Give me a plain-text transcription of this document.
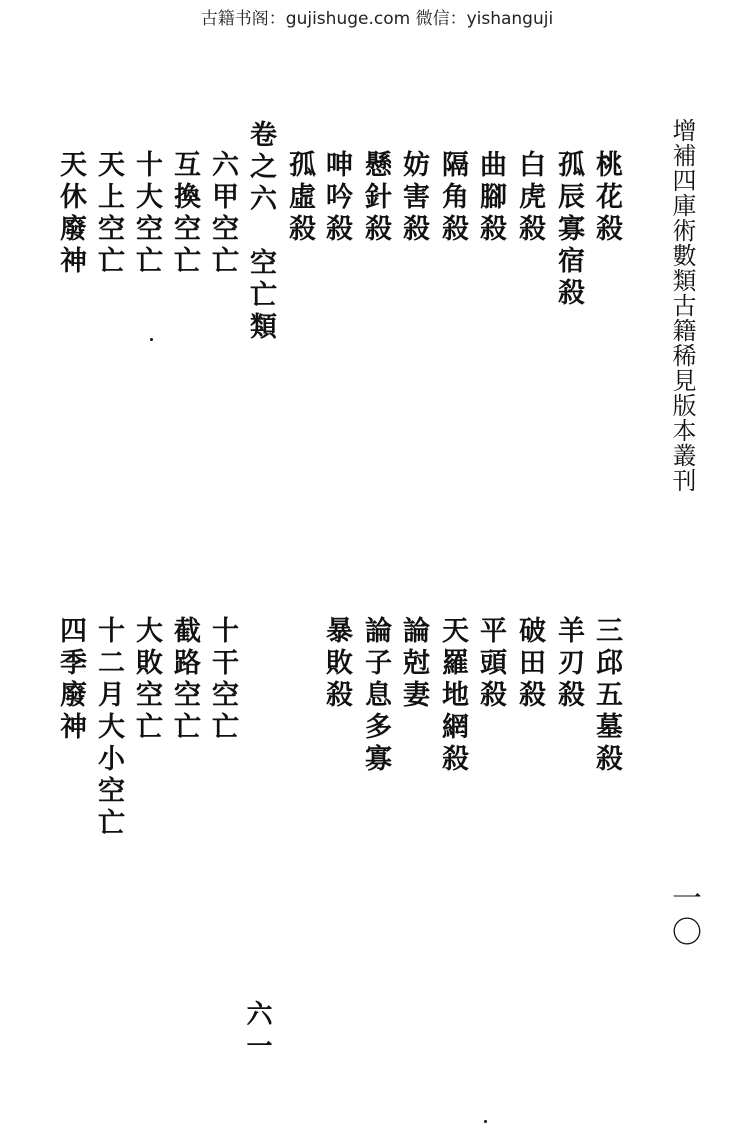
古籍书阁：gujishuge.com 微信：yishanguji
增補四庫術數類古籍稀見版本叢刊
一〇
桃花殺
孤辰寡宿殺
白虎殺
曲腳殺
隔角殺
妨害殺
懸針殺
呻吟殺
孤虛殺
卷之六　空亡類
六甲空亡
互換空亡
十大空亡
天上空亡
天休廢神
三邱五墓殺
羊刃殺
破田殺
平頭殺
天羅地網殺
論尅妻
論子息多寡
暴敗殺
十干空亡
截路空亡
大敗空亡
十二月大小空亡
四季廢神
六一
